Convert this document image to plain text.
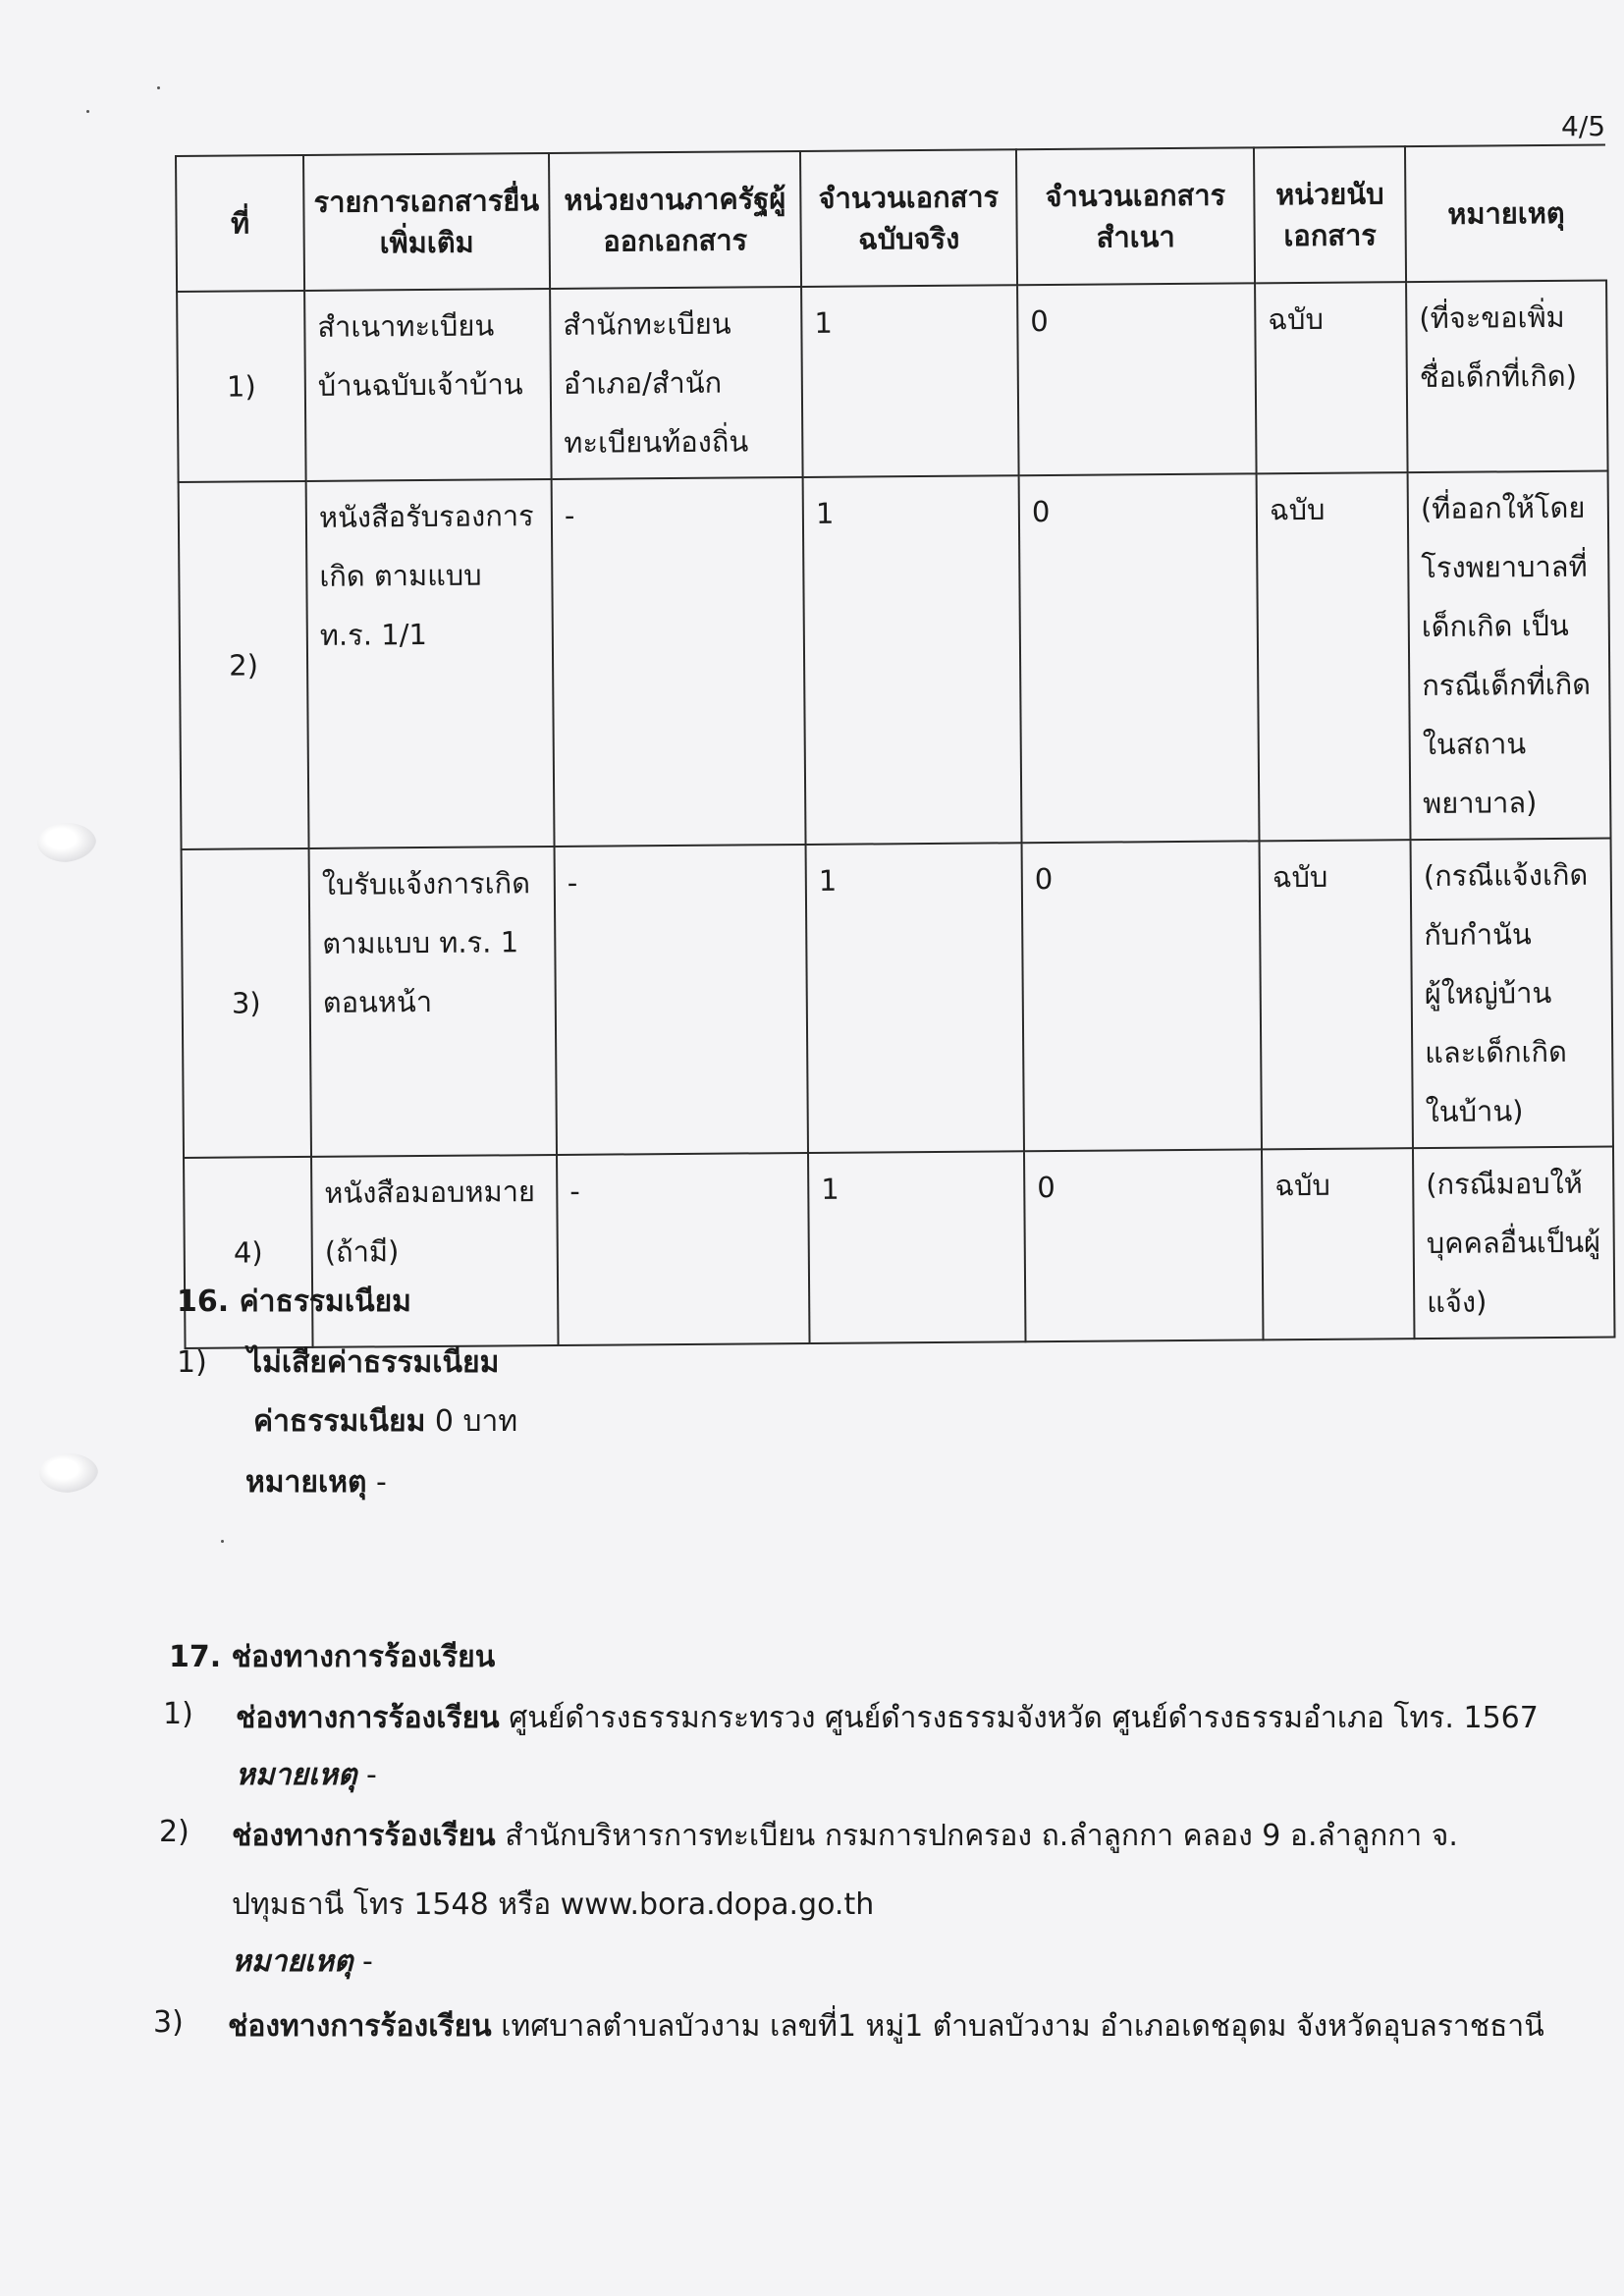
4/5
ที่	รายการเอกสารยื่นเพิ่มเติม	หน่วยงานภาครัฐผู้ออกเอกสาร	จำนวนเอกสารฉบับจริง	จำนวนเอกสารสำเนา	หน่วยนับเอกสาร	หมายเหตุ
1)	สำเนาทะเบียนบ้านฉบับเจ้าบ้าน	สำนักทะเบียนอำเภอ/สำนักทะเบียนท้องถิ่น	1	0	ฉบับ	(ที่จะขอเพิ่มชื่อเด็กที่เกิด)
2)	หนังสือรับรองการเกิด ตามแบบ ท.ร. 1/1	-	1	0	ฉบับ	(ที่ออกให้โดยโรงพยาบาลที่เด็กเกิด เป็นกรณีเด็กที่เกิดในสถานพยาบาล)
3)	ใบรับแจ้งการเกิดตามแบบ ท.ร. 1 ตอนหน้า	-	1	0	ฉบับ	(กรณีแจ้งเกิดกับกำนัน ผู้ใหญ่บ้าน และเด็กเกิดในบ้าน)
4)	หนังสือมอบหมาย (ถ้ามี)	-	1	0	ฉบับ	(กรณีมอบให้บุคคลอื่นเป็นผู้แจ้ง)
16. ค่าธรรมเนียม
1) ไม่เสียค่าธรรมเนียม
ค่าธรรมเนียม 0 บาท
หมายเหตุ -
17. ช่องทางการร้องเรียน
1) ช่องทางการร้องเรียน ศูนย์ดำรงธรรมกระทรวง ศูนย์ดำรงธรรมจังหวัด ศูนย์ดำรงธรรมอำเภอ โทร. 1567
หมายเหตุ -
2) ช่องทางการร้องเรียน สำนักบริหารการทะเบียน กรมการปกครอง ถ.ลำลูกกา คลอง 9 อ.ลำลูกกา จ.
ปทุมธานี โทร 1548 หรือ www.bora.dopa.go.th
หมายเหตุ -
3) ช่องทางการร้องเรียน เทศบาลตำบลบัวงาม เลขที่1 หมู่1 ตำบลบัวงาม อำเภอเดชอุดม จังหวัดอุบลราชธานี
